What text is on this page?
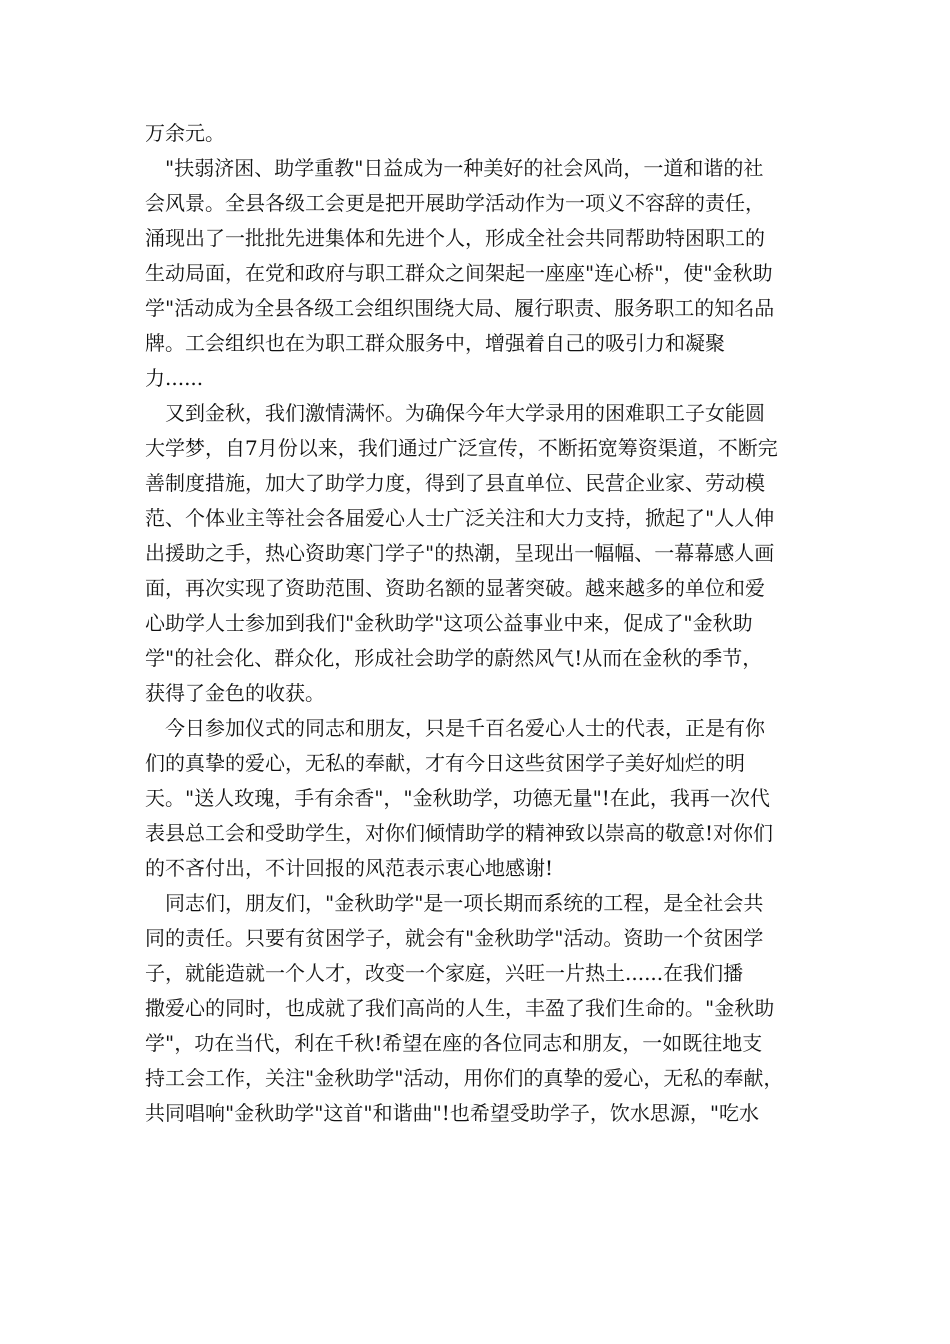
万余元。
"扶弱济困、助学重教"日益成为一种美好的社会风尚，一道和谐的社
会风景。全县各级工会更是把开展助学活动作为一项义不容辞的责任，
涌现出了一批批先进集体和先进个人，形成全社会共同帮助特困职工的
生动局面，在党和政府与职工群众之间架起一座座"连心桥"，使"金秋助
学"活动成为全县各级工会组织围绕大局、履行职责、服务职工的知名品
牌。工会组织也在为职工群众服务中，增强着自己的吸引力和凝聚
力......
又到金秋，我们激情满怀。为确保今年大学录用的困难职工子女能圆
大学梦，自7月份以来，我们通过广泛宣传，不断拓宽筹资渠道，不断完
善制度措施，加大了助学力度，得到了县直单位、民营企业家、劳动模
范、个体业主等社会各届爱心人士广泛关注和大力支持，掀起了"人人伸
出援助之手，热心资助寒门学子"的热潮，呈现出一幅幅、一幕幕感人画
面，再次实现了资助范围、资助名额的显著突破。越来越多的单位和爱
心助学人士参加到我们"金秋助学"这项公益事业中来，促成了"金秋助
学"的社会化、群众化，形成社会助学的蔚然风气!从而在金秋的季节，
获得了金色的收获。
今日参加仪式的同志和朋友，只是千百名爱心人士的代表，正是有你
们的真挚的爱心，无私的奉献，才有今日这些贫困学子美好灿烂的明
天。"送人玫瑰，手有余香"，"金秋助学，功德无量"!在此，我再一次代
表县总工会和受助学生，对你们倾情助学的精神致以崇高的敬意!对你们
的不吝付出，不计回报的风范表示衷心地感谢!
同志们，朋友们，"金秋助学"是一项长期而系统的工程，是全社会共
同的责任。只要有贫困学子，就会有"金秋助学"活动。资助一个贫困学
子，就能造就一个人才，改变一个家庭，兴旺一片热土......在我们播
撒爱心的同时，也成就了我们高尚的人生，丰盈了我们生命的。"金秋助
学"，功在当代，利在千秋!希望在座的各位同志和朋友，一如既往地支
持工会工作，关注"金秋助学"活动，用你们的真挚的爱心，无私的奉献，
共同唱响"金秋助学"这首"和谐曲"!也希望受助学子，饮水思源，"吃水
